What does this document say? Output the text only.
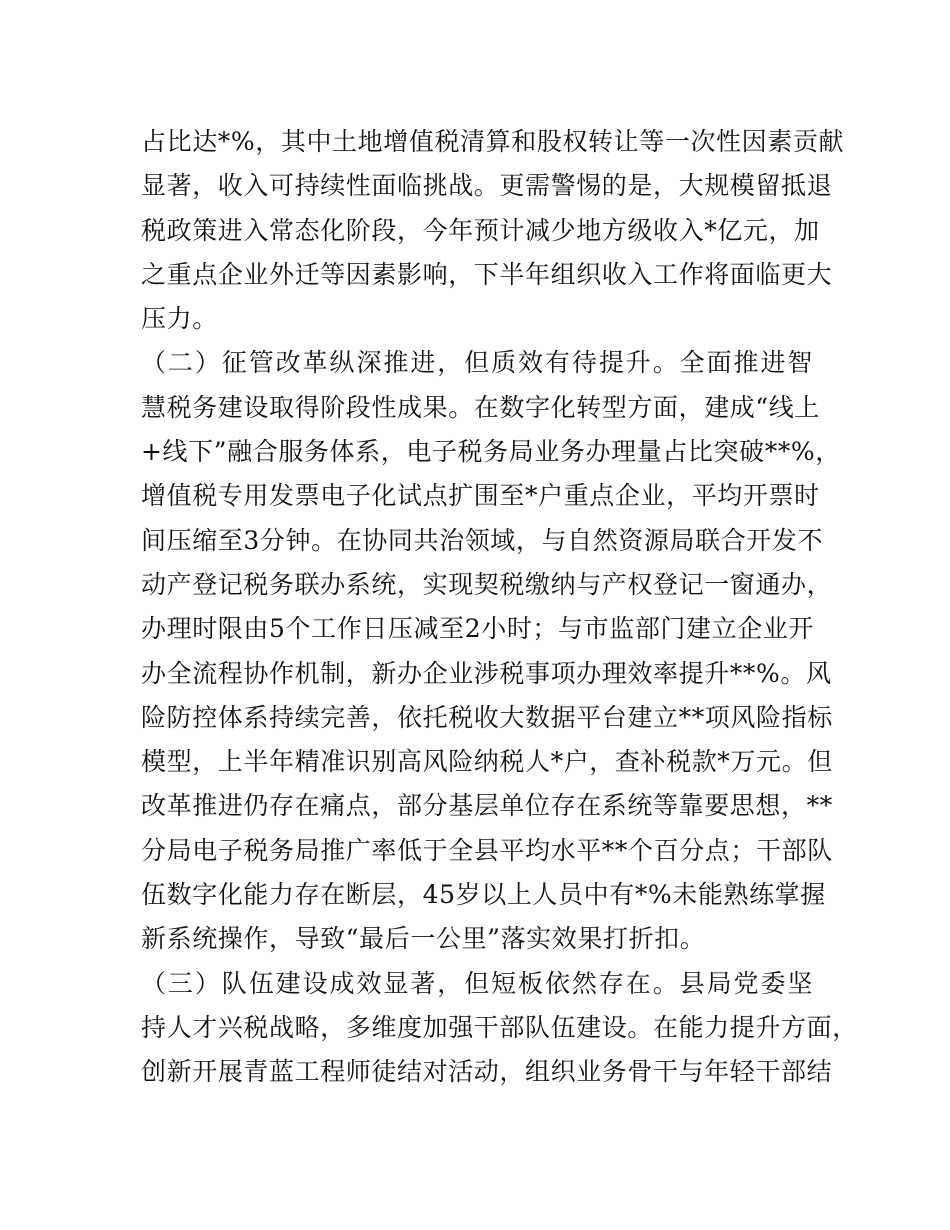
占比达*%，其中土地增值税清算和股权转让等一次性因素贡献
显著，收入可持续性面临挑战。更需警惕的是，大规模留抵退
税政策进入常态化阶段，今年预计减少地方级收入*亿元，加
之重点企业外迁等因素影响，下半年组织收入工作将面临更大
压力。
（二）征管改革纵深推进，但质效有待提升。全面推进智
慧税务建设取得阶段性成果。在数字化转型方面，建成“线上
+线下”融合服务体系，电子税务局业务办理量占比突破**%，
增值税专用发票电子化试点扩围至*户重点企业，平均开票时
间压缩至3分钟。在协同共治领域，与自然资源局联合开发不
动产登记税务联办系统，实现契税缴纳与产权登记一窗通办，
办理时限由5个工作日压减至2小时；与市监部门建立企业开
办全流程协作机制，新办企业涉税事项办理效率提升**%。风
险防控体系持续完善，依托税收大数据平台建立**项风险指标
模型，上半年精准识别高风险纳税人*户，查补税款*万元。但
改革推进仍存在痛点，部分基层单位存在系统等靠要思想，**
分局电子税务局推广率低于全县平均水平**个百分点；干部队
伍数字化能力存在断层，45岁以上人员中有*%未能熟练掌握
新系统操作，导致“最后一公里”落实效果打折扣。
（三）队伍建设成效显著，但短板依然存在。县局党委坚
持人才兴税战略，多维度加强干部队伍建设。在能力提升方面，
创新开展青蓝工程师徒结对活动，组织业务骨干与年轻干部结
